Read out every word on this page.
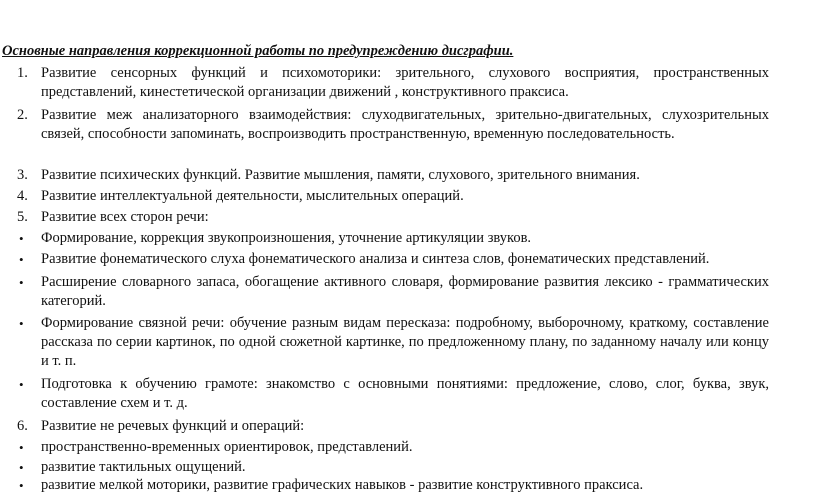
Основные направления коррекционной работы по предупреждению дисграфии.
1. Развитие сенсорных функций и психомоторики: зрительного, слухового восприятия, пространственных представлений, кинестетической организации движений , конструктивного праксиса.
2. Развитие меж анализаторного взаимодействия: слуходвигательных, зрительно-двигательных, слухозрительных связей, способности запоминать, воспроизводить пространственную, временную последовательность.
3. Развитие психических функций. Развитие мышления, памяти, слухового, зрительного внимания.
4. Развитие интеллектуальной деятельности, мыслительных операций.
5. Развитие всех сторон речи:
•	Формирование, коррекция звукопроизношения, уточнение артикуляции звуков.
•	Развитие фонематического слуха фонематического анализа и синтеза слов, фонематических представлений.
•	Расширение словарного запаса, обогащение активного словаря, формирование развития лексико - грамматических категорий.
•	Формирование связной речи: обучение разным видам пересказа: подробному, выборочному, краткому, составление рассказа по серии картинок, по одной сюжетной картинке, по предложенному плану, по заданному началу или концу и т. п.
•	Подготовка к обучению грамоте: знакомство с основными понятиями: предложение, слово, слог, буква, звук, составление схем и т. д.
6. Развитие не речевых функций и операций:
•	пространственно-временных ориентировок, представлений.
•	развитие тактильных ощущений.
•	развитие мелкой моторики, развитие графических навыков - развитие конструктивного праксиса.
